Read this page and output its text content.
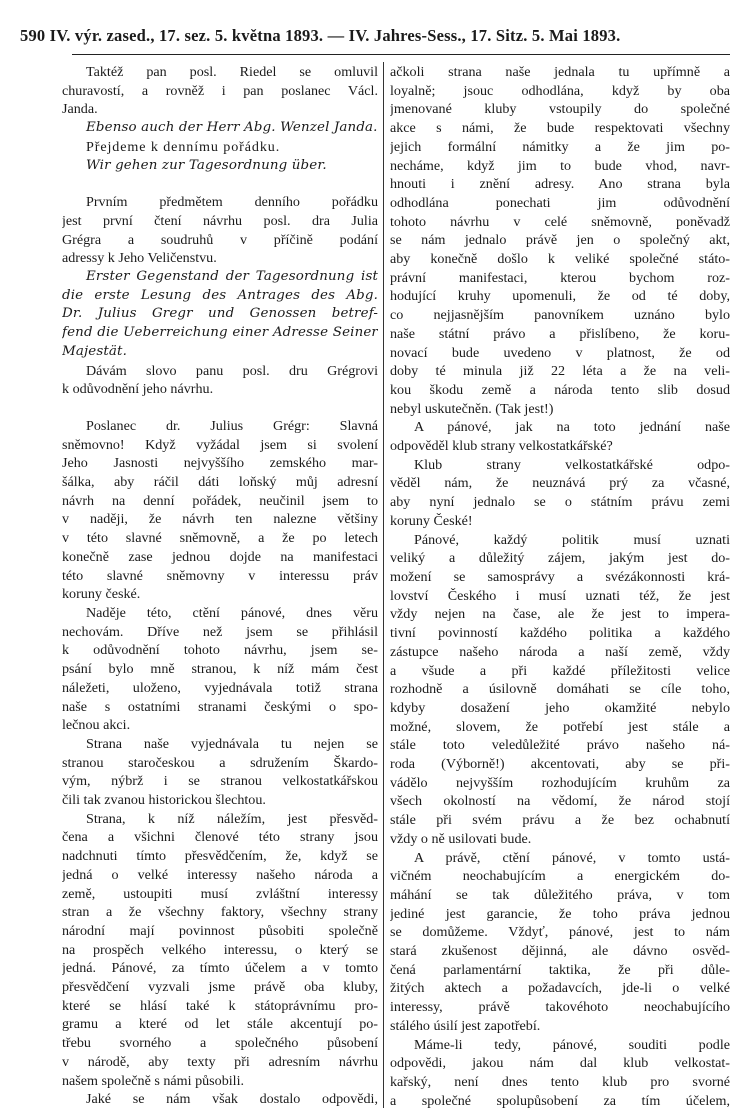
590 IV. výr. zased., 17. sez. 5. května 1893. — IV. Jahres-Sess., 17. Sitz. 5. Mai 1893.
Taktéž pan posl. Riedel se omluvil
churavostí, a rovněž i pan poslanec Václ.
Janda.
Ebenso auch der Herr Abg. Wenzel Janda.
Přejdeme k dennímu pořádku.
Wir gehen zur Tagesordnung über.
Prvním předmětem denního pořádku
jest první čtení návrhu posl. dra Julia
Grégra a soudruhů v příčině podání
adressy k Jeho Veličenstvu.
Erster Gegenstand der Tagesordnung ist
die erste Lesung des Antrages des Abg.
Dr. Julius Gregr und Genossen betref-
fend die Ueberreichung einer Adresse Seiner
Majestät.
Dávám slovo panu posl. dru Grégrovi
k odůvodnění jeho návrhu.
Poslanec dr. Julius Grégr: Slavná
sněmovno! Když vyžádal jsem si svolení
Jeho Jasnosti nejvyššího zemského mar-
šálka, aby ráčil dáti loňský můj adresní
návrh na denní pořádek, neučinil jsem to
v naději, že návrh ten nalezne většiny
v této slavné sněmovně, a že po letech
konečně zase jednou dojde na manifestaci
této slavné sněmovny v interessu práv
koruny české.
Naděje této, ctění pánové, dnes věru
nechovám. Dříve než jsem se přihlásil
k odůvodnění tohoto návrhu, jsem se-
psání bylo mně stranou, k níž mám čest
náležeti, uloženo, vyjednávala totiž strana
naše s ostatními stranami českými o spo-
lečnou akci.
Strana naše vyjednávala tu nejen se
stranou staročeskou a sdružením Škardo-
vým, nýbrž i se stranou velkostatkářskou
čili tak zvanou historickou šlechtou.
Strana, k níž náležím, jest přesvěd-
čena a všichni členové této strany jsou
nadchnuti tímto přesvědčením, že, když se
jedná o velké interessy našeho národa a
země, ustoupiti musí zvláštní interessy
stran a že všechny faktory, všechny strany
národní mají povinnost působiti společně
na prospěch velkého interessu, o který se
jedná. Pánové, za tímto účelem a v tomto
přesvědčení vyzvali jsme právě oba kluby,
které se hlásí také k státoprávnímu pro-
gramu a které od let stále akcentují po-
třebu svorného a společného působení
v národě, aby texty při adresním návrhu
našem společně s námi působili.
Jaké se nám však dostalo odpovědi,
ačkoli strana naše jednala tu upřímně a
loyalně; jsouc odhodlána, když by oba
jmenované kluby vstoupily do společné
akce s námi, že bude respektovati všechny
jejich formální námitky a že jim po-
necháme, když jim to bude vhod, navr-
hnouti i znění adresy. Ano strana byla
odhodlána ponechati jim odůvodnění
tohoto návrhu v celé sněmovně, poněvadž
se nám jednalo právě jen o společný akt,
aby konečně došlo k veliké společné státo-
právní manifestaci, kterou bychom roz-
hodující kruhy upomenuli, že od té doby,
co nejjasnějším panovníkem uznáno bylo
naše státní právo a přislíbeno, že koru-
novací bude uvedeno v platnost, že od
doby té minula již 22 léta a že na veli-
kou škodu země a národa tento slib dosud
nebyl uskutečněn. (Tak jest!)
A pánové, jak na toto jednání naše
odpověděl klub strany velkostatkářské?
Klub strany velkostatkářské odpo-
věděl nám, že neuznává prý za včasné,
aby nyní jednalo se o státním právu zemi
koruny České!
Pánové, každý politik musí uznati
veliký a důležitý zájem, jakým jest do-
možení se samosprávy a svézákonnosti krá-
lovství Českého i musí uznati též, že jest
vždy nejen na čase, ale že jest to impera-
tivní povinností každého politika a každého
zástupce našeho národa a naší země, vždy
a všude a při každé příležitosti velice
rozhodně a úsilovně domáhati se cíle toho,
kdyby dosažení jeho okamžité nebylo
možné, slovem, že potřebí jest stále a
stále toto veledůležité právo našeho ná-
roda (Výborně!) akcentovati, aby se při-
vádělo nejvyšším rozhodujícím kruhům za
všech okolností na vědomí, že národ stojí
stále při svém právu a že bez ochabnutí
vždy o ně usilovati bude.
A právě, ctění pánové, v tomto ustá-
vičném neochabujícím a energickém do-
máhání se tak důležitého práva, v tom
jediné jest garancie, že toho práva jednou
se domůžeme. Vždyť, pánové, jest to nám
stará zkušenost dějinná, ale dávno osvěd-
čená parlamentární taktika, že při důle-
žitých aktech a požadavcích, jde-li o velké
interessy, právě takovéhoto neochabujícího
stálého úsilí jest zapotřebí.
Máme-li tedy, pánové, souditi podle
odpovědi, jakou nám dal klub velkostat-
kařský, není dnes tento klub pro svorné
a společné spolupůsobení za tím účelem,
